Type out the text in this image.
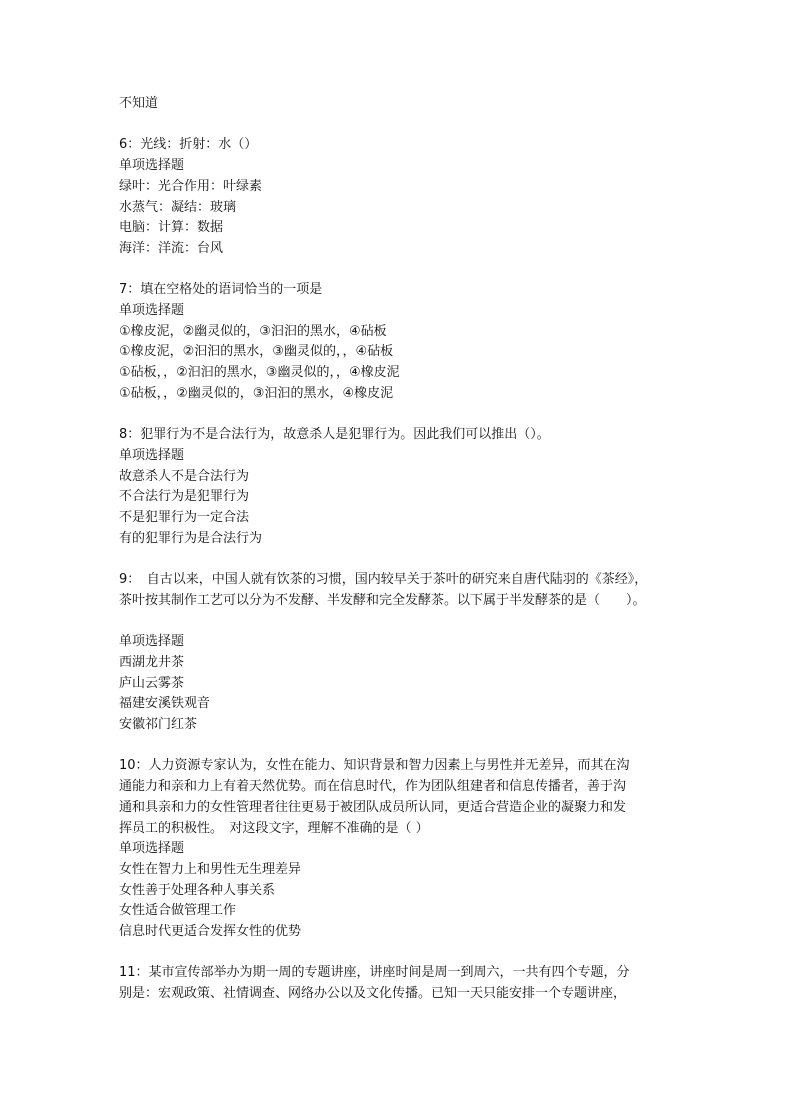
不知道

6：光线：折射：水（）

单项选择题

绿叶：光合作用：叶绿素

水蒸气：凝结：玻璃

电脑：计算：数据

海洋：洋流：台风

7：填在空格处的语词恰当的一项是

单项选择题

①橡皮泥，②幽灵似的，③汩汩的黑水，④砧板

①橡皮泥，②汩汩的黑水，③幽灵似的，，④砧板

①砧板，，②汩汩的黑水，③幽灵似的，，④橡皮泥

①砧板，，②幽灵似的，③汩汩的黑水，④橡皮泥

8：犯罪行为不是合法行为，故意杀人是犯罪行为。因此我们可以推出（）。

单项选择题

故意杀人不是合法行为

不合法行为是犯罪行为

不是犯罪行为一定合法

有的犯罪行为是合法行为

9：　自古以来，中国人就有饮茶的习惯，国内较早关于茶叶的研究来自唐代陆羽的《茶经》，

茶叶按其制作工艺可以分为不发酵、半发酵和完全发酵茶。以下属于半发酵茶的是（　　）。

单项选择题

西湖龙井茶

庐山云雾茶

福建安溪铁观音

安徽祁门红茶

10：人力资源专家认为，女性在能力、知识背景和智力因素上与男性并无差异，而其在沟

通能力和亲和力上有着天然优势。而在信息时代，作为团队组建者和信息传播者，善于沟

通和具亲和力的女性管理者往往更易于被团队成员所认同，更适合营造企业的凝聚力和发

挥员工的积极性。　对这段文字，理解不准确的是（ ）

单项选择题

女性在智力上和男性无生理差异

女性善于处理各种人事关系

女性适合做管理工作

信息时代更适合发挥女性的优势

11：某市宣传部举办为期一周的专题讲座，讲座时间是周一到周六，一共有四个专题，分

别是：宏观政策、社情调查、网络办公以及文化传播。已知一天只能安排一个专题讲座，
